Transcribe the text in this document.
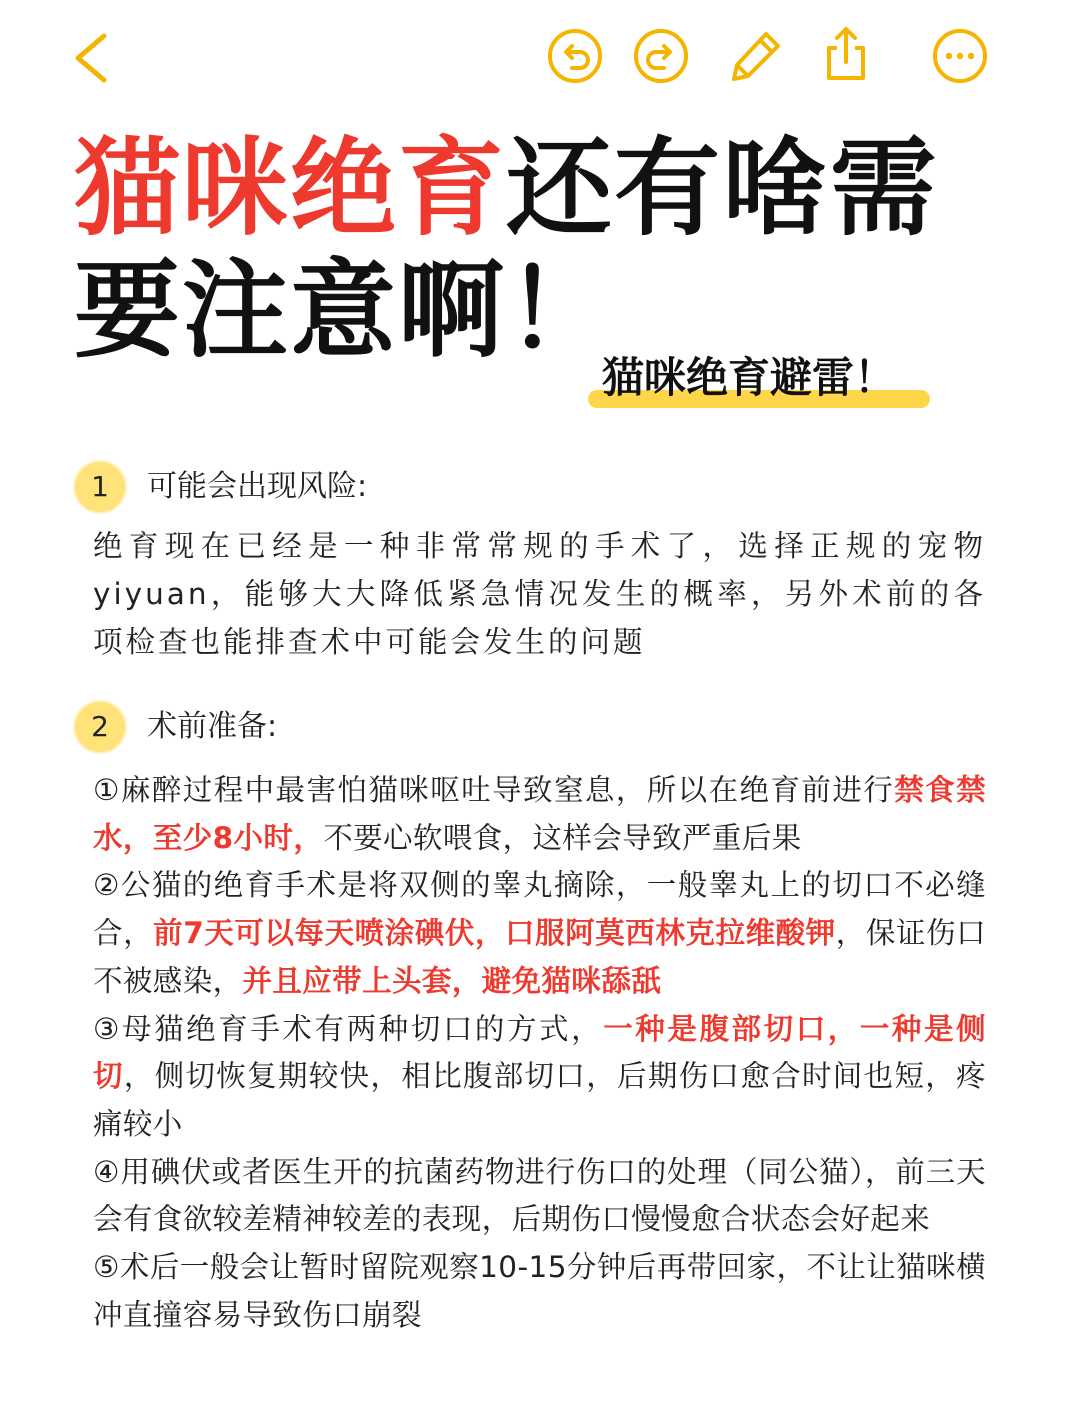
猫咪绝育还有啥需
要注意啊！
猫咪绝育避雷！
1	可能会出现风险:
绝育现在已经是一种非常常规的手术了，选择正规的宠物yiyuan，能够大大降低紧急情况发生的概率，另外术前的各项检查也能排查术中可能会发生的问题
2	术前准备:
①麻醉过程中最害怕猫咪呕吐导致窒息，所以在绝育前进行禁食禁水，至少8小时，不要心软喂食，这样会导致严重后果
②公猫的绝育手术是将双侧的睾丸摘除，一般睾丸上的切口不必缝合，前7天可以每天喷涂碘伏，口服阿莫西林克拉维酸钾，保证伤口不被感染，并且应带上头套，避免猫咪舔舐
③母猫绝育手术有两种切口的方式，一种是腹部切口，一种是侧切，侧切恢复期较快，相比腹部切口，后期伤口愈合时间也短，疼痛较小
④用碘伏或者医生开的抗菌药物进行伤口的处理（同公猫），前三天会有食欲较差精神较差的表现，后期伤口慢慢愈合状态会好起来
⑤术后一般会让暂时留院观察10-15分钟后再带回家，不让让猫咪横冲直撞容易导致伤口崩裂
